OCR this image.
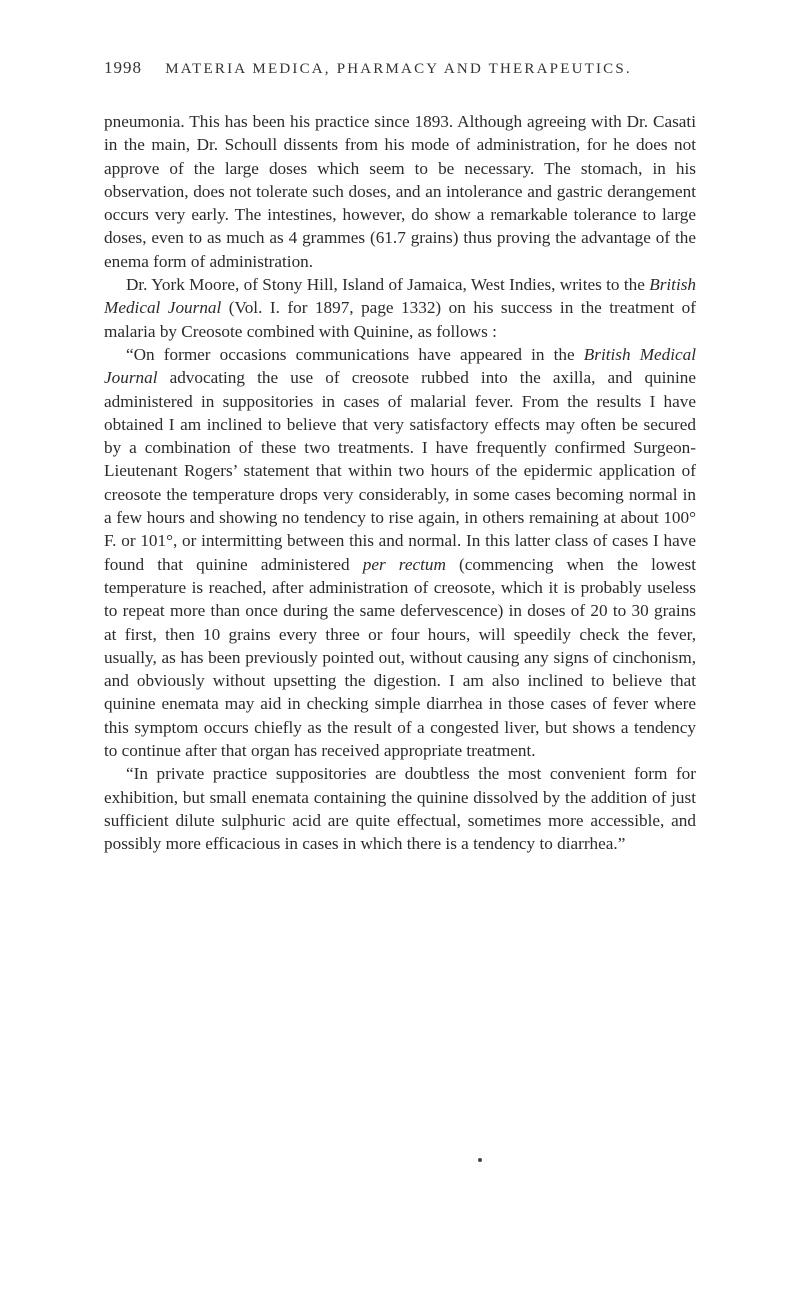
1998 MATERIA MEDICA, PHARMACY AND THERAPEUTICS.

pneumonia. This has been his practice since 1893. Although agreeing with Dr. Casati in the main, Dr. Schoull dissents from his mode of administration, for he does not approve of the large doses which seem to be necessary. The stomach, in his observation, does not tolerate such doses, and an intolerance and gastric derangement occurs very early. The intestines, however, do show a remarkable tolerance to large doses, even to as much as 4 grammes (61.7 grains) thus proving the advantage of the enema form of administration.

Dr. York Moore, of Stony Hill, Island of Jamaica, West Indies, writes to the British Medical Journal (Vol. I. for 1897, page 1332) on his success in the treatment of malaria by Creosote combined with Quinine, as follows :

“On former occasions communications have appeared in the British Medical Journal advocating the use of creosote rubbed into the axilla, and quinine administered in suppositories in cases of malarial fever. From the results I have obtained I am inclined to believe that very satisfactory effects may often be secured by a combination of these two treatments. I have frequently confirmed Surgeon-Lieutenant Rogers’ statement that within two hours of the epidermic application of creosote the temperature drops very considerably, in some cases becoming normal in a few hours and showing no tendency to rise again, in others remaining at about 100° F. or 101°, or intermitting between this and normal. In this latter class of cases I have found that quinine administered per rectum (commencing when the lowest temperature is reached, after administration of creosote, which it is probably useless to repeat more than once during the same defervescence) in doses of 20 to 30 grains at first, then 10 grains every three or four hours, will speedily check the fever, usually, as has been previously pointed out, without causing any signs of cinchonism, and obviously without upsetting the digestion. I am also inclined to believe that quinine enemata may aid in checking simple diarrhea in those cases of fever where this symptom occurs chiefly as the result of a congested liver, but shows a tendency to continue after that organ has received appropriate treatment.

“In private practice suppositories are doubtless the most convenient form for exhibition, but small enemata containing the quinine dissolved by the addition of just sufficient dilute sulphuric acid are quite effectual, sometimes more accessible, and possibly more efficacious in cases in which there is a tendency to diarrhea.”
